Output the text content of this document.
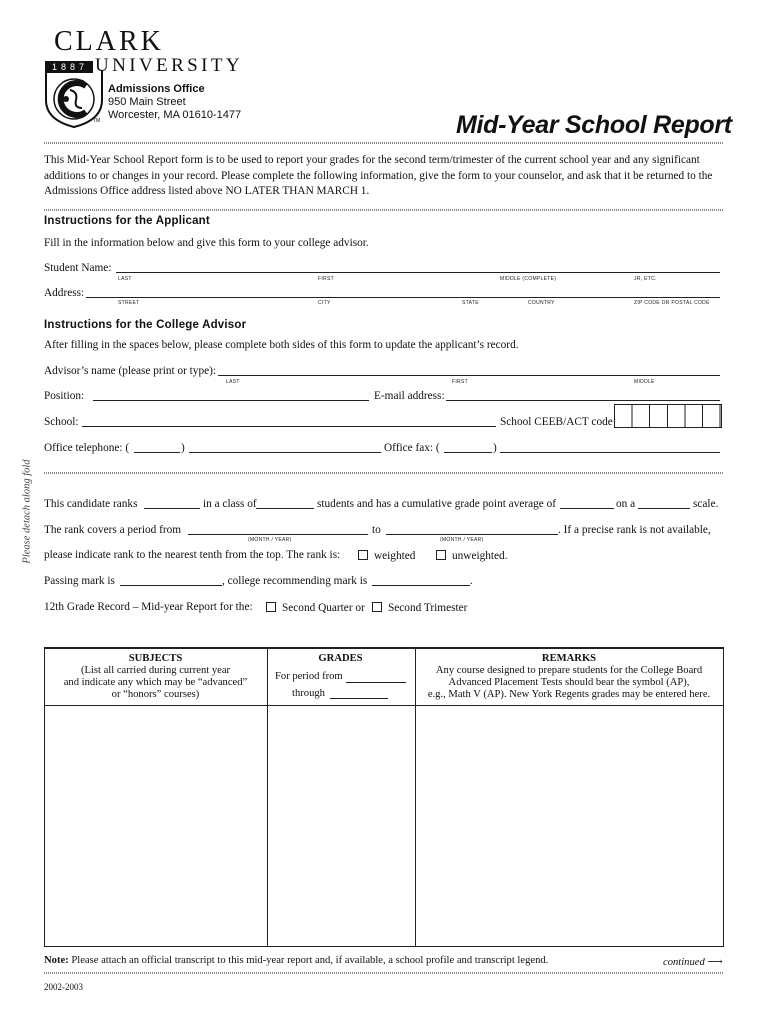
CLARK
1887 UNIVERSITY
TM
Admissions Office
950 Main Street
Worcester, MA 01610-1477	Mid-Year School Report
This Mid-Year School Report form is to be used to report your grades for the second term/trimester of the current school year and any significant additions to or changes in your record. Please complete the following information, give the form to your counselor, and ask that it be returned to the Admissions Office address listed above NO LATER THAN MARCH 1.
Instructions for the Applicant
Fill in the information below and give this form to your college advisor.
Student Name:
LAST	FIRST	MIDDLE (COMPLETE)	JR, ETC.
Address:
STREET	CITY	STATE	COUNTRY	ZIP CODE OR POSTAL CODE
Instructions for the College Advisor
After filling in the spaces below, please complete both sides of this form to update the applicant’s record.
Advisor’s name (please print or type):
LAST	FIRST	MIDDLE
Position:	E-mail address:
School:	School CEEB/ACT code
Office telephone: (	)	Office fax: (	)
Please detach along fold This candidate ranks	in a class of	students and has a cumulative grade point average of	on a	scale.
The rank covers a period from
(MONTH / YEAR)
to
(MONTH / YEAR)
. If a precise rank is not available,
please indicate rank to the nearest tenth from the top. The rank is:	weighted	unweighted.
Passing mark is	, college recommending mark is	.
12th Grade Record – Mid-year Report for the:	Second Quarter or	Second Trimester
SUBJECTS
(List all carried during current year
and indicate any which may be “advanced”
or “honors” courses)
GRADES
For period from
through
REMARKS
Any course designed to prepare students for the College Board
Advanced Placement Tests should bear the symbol (AP),
e.g., Math V (AP). New York Regents grades may be entered here.
Note: Please attach an official transcript to this mid-year report and, if available, a school profile and transcript legend.	continued ⟶
2002-2003
